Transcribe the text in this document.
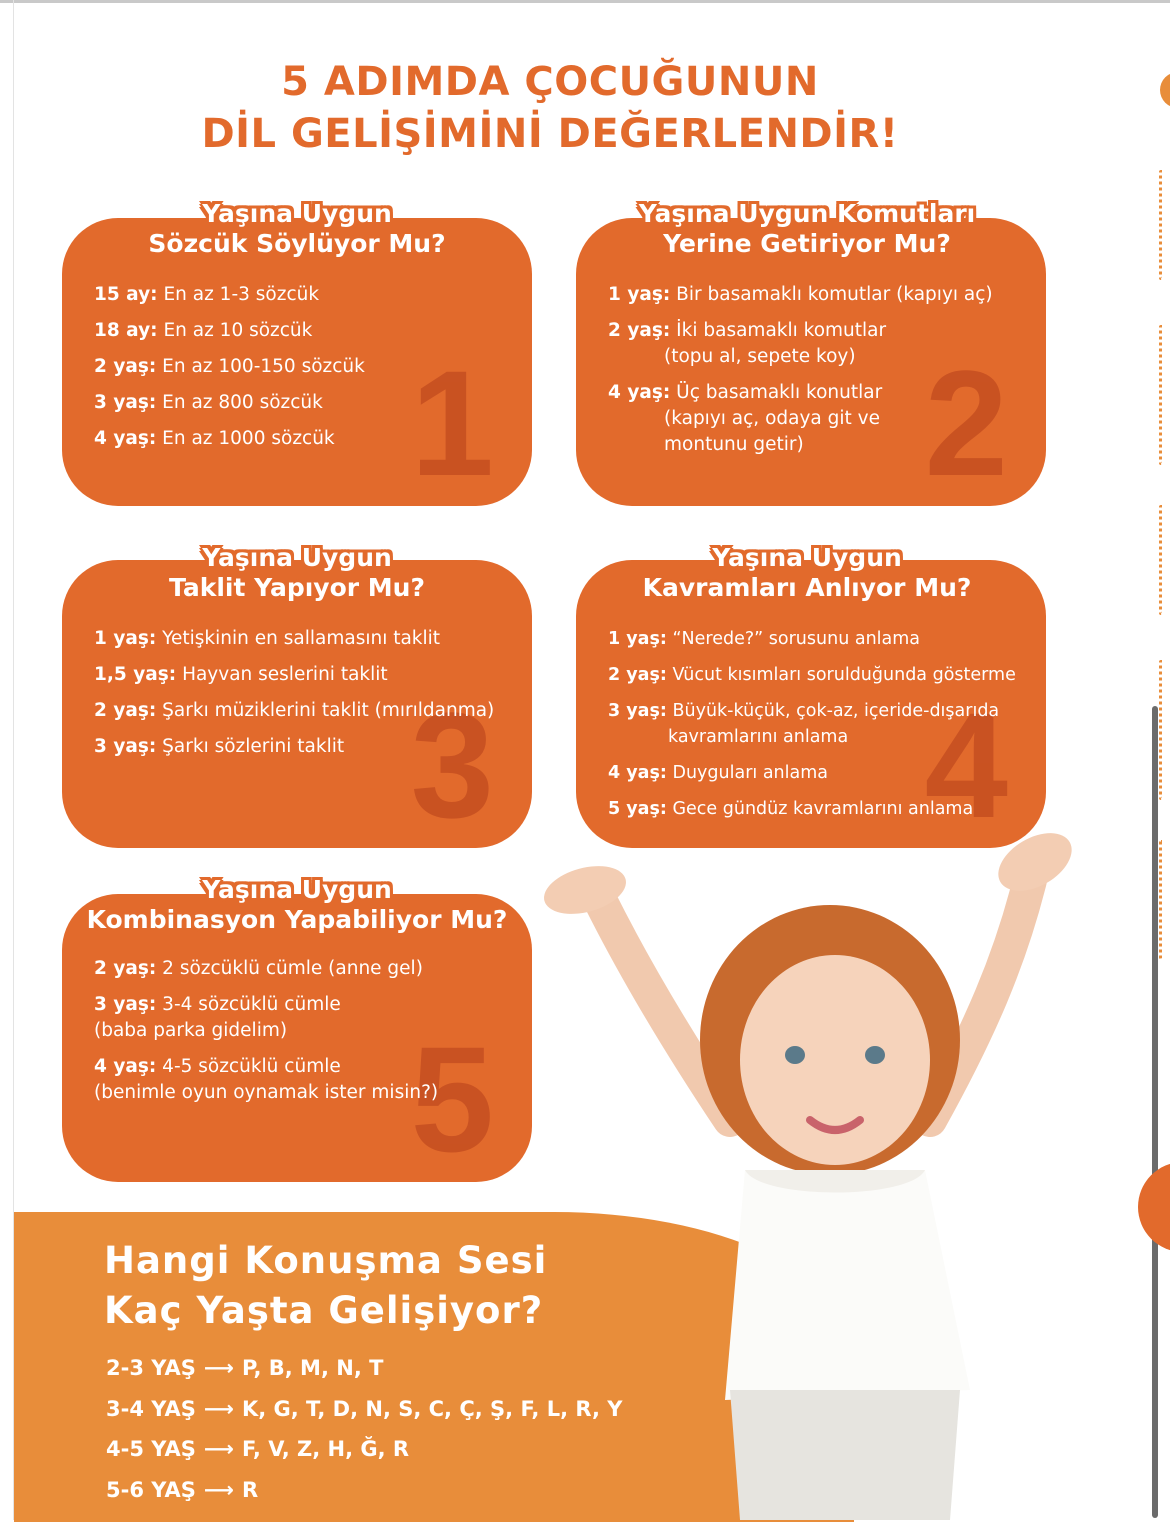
5 ADIMDA ÇOCUĞUNUN
DİL GELİŞİMİNİ DEĞERLENDİR!
1
15 ay: En az 1-3 sözcük
18 ay: En az 10 sözcük
2 yaş: En az 100-150 sözcük
3 yaş: En az 800 sözcük
4 yaş: En az 1000 sözcük
Yaşına Uygun
Sözcük Söylüyor Mu?
2
1 yaş: Bir basamaklı komutlar (kapıyı aç)
2 yaş: İki basamaklı komutlar
(topu al, sepete koy)
4 yaş: Üç basamaklı konutlar
(kapıyı aç, odaya git ve
montunu getir)
Yaşına Uygun Komutları
Yerine Getiriyor Mu?
3
1 yaş: Yetişkinin en sallamasını taklit
1,5 yaş: Hayvan seslerini taklit
2 yaş: Şarkı müziklerini taklit (mırıldanma)
3 yaş: Şarkı sözlerini taklit
Yaşına Uygun
Taklit Yapıyor Mu?
4
1 yaş: “Nerede?” sorusunu anlama
2 yaş: Vücut kısımları sorulduğunda gösterme
3 yaş: Büyük-küçük, çok-az, içeride-dışarıda
kavramlarını anlama
4 yaş: Duyguları anlama
5 yaş: Gece gündüz kavramlarını anlama
Yaşına Uygun
Kavramları Anlıyor Mu?
5
2 yaş: 2 sözcüklü cümle (anne gel)
3 yaş: 3-4 sözcüklü cümle
(baba parka gidelim)
4 yaş: 4-5 sözcüklü cümle
(benimle oyun oynamak ister misin?)
Yaşına Uygun
Kombinasyon Yapabiliyor Mu?
Hangi Konuşma Sesi
Kaç Yaşta Gelişiyor?
2-3 YAŞ ⟶ P, B, M, N, T
3-4 YAŞ ⟶ K, G, T, D, N, S, C, Ç, Ş, F, L, R, Y
4-5 YAŞ ⟶ F, V, Z, H, Ğ, R
5-6 YAŞ ⟶ R
